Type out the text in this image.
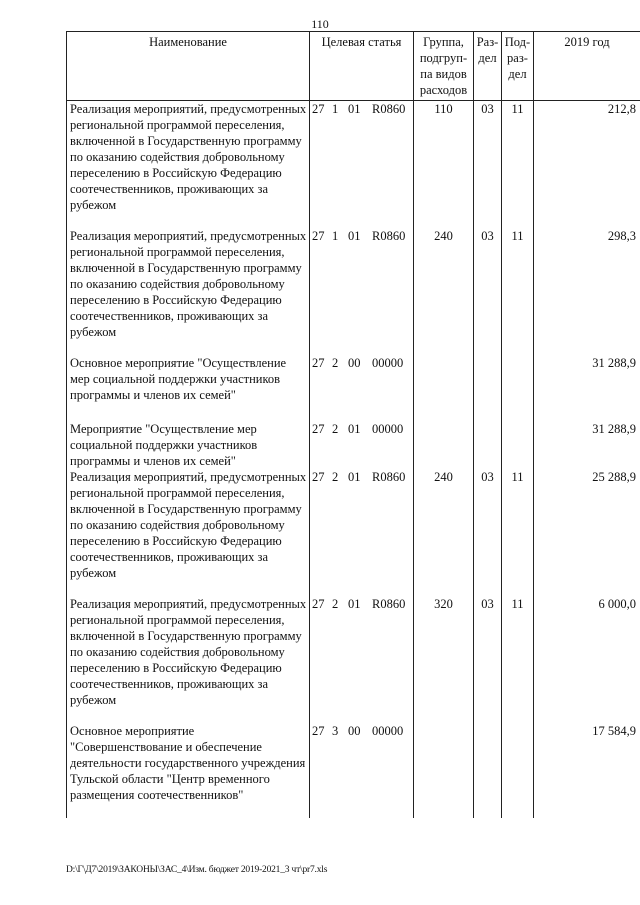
110
Наименование	Целевая статья	Группа, подгруп-па видов расходов	Раз-дел	Под-раз-дел	2019 год
Реализация мероприятий, предусмотренных региональной программой переселения, включенной в Государственную программу по оказанию содействия добровольному переселению в Российскую Федерацию соотечественников, проживающих за рубежом	27 1 01 R0860	110	03	11	212,8
Реализация мероприятий, предусмотренных региональной программой переселения, включенной в Государственную программу по оказанию содействия добровольному переселению в Российскую Федерацию соотечественников, проживающих за рубежом	27 1 01 R0860	240	03	11	298,3
Основное мероприятие "Осуществление мер социальной поддержки участников программы и членов их семей"	27 2 00 00000				31 288,9
Мероприятие "Осуществление мер социальной поддержки участников программы и членов их семей"	27 2 01 00000				31 288,9
Реализация мероприятий, предусмотренных региональной программой переселения, включенной в Государственную программу по оказанию содействия добровольному переселению в Российскую Федерацию соотечественников, проживающих за рубежом	27 2 01 R0860	240	03	11	25 288,9
Реализация мероприятий, предусмотренных региональной программой переселения, включенной в Государственную программу по оказанию содействия добровольному переселению в Российскую Федерацию соотечественников, проживающих за рубежом	27 2 01 R0860	320	03	11	6 000,0
Основное мероприятие "Совершенствование и обеспечение деятельности государственного учреждения Тульской области "Центр временного размещения соотечественников"	27 3 00 00000				17 584,9
D:\Г\Д7\2019\ЗАКОНЫ\ЗАС_4\Изм. бюджет 2019-2021_3 чт\pr7.xls
